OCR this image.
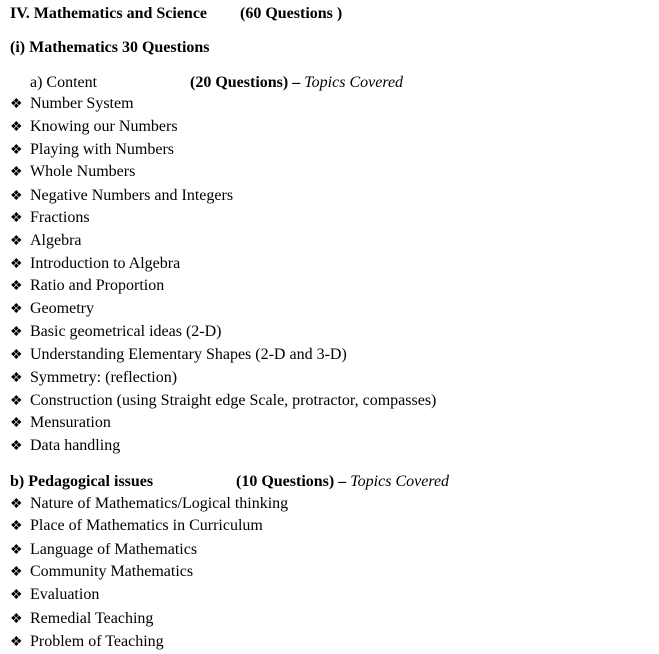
IV. Mathematics and Science (60 Questions )
(i) Mathematics 30 Questions
a) Content	(20 Questions) – Topics Covered
❖ Number System
❖ Knowing our Numbers
❖ Playing with Numbers
❖ Whole Numbers
❖ Negative Numbers and Integers
❖ Fractions
❖ Algebra
❖ Introduction to Algebra
❖ Ratio and Proportion
❖ Geometry
❖ Basic geometrical ideas (2-D)
❖ Understanding Elementary Shapes (2-D and 3-D)
❖ Symmetry: (reflection)
❖ Construction (using Straight edge Scale, protractor, compasses)
❖ Mensuration
❖ Data handling
b) Pedagogical issues	(10 Questions) – Topics Covered
❖ Nature of Mathematics/Logical thinking
❖ Place of Mathematics in Curriculum
❖ Language of Mathematics
❖ Community Mathematics
❖ Evaluation
❖ Remedial Teaching
❖ Problem of Teaching
